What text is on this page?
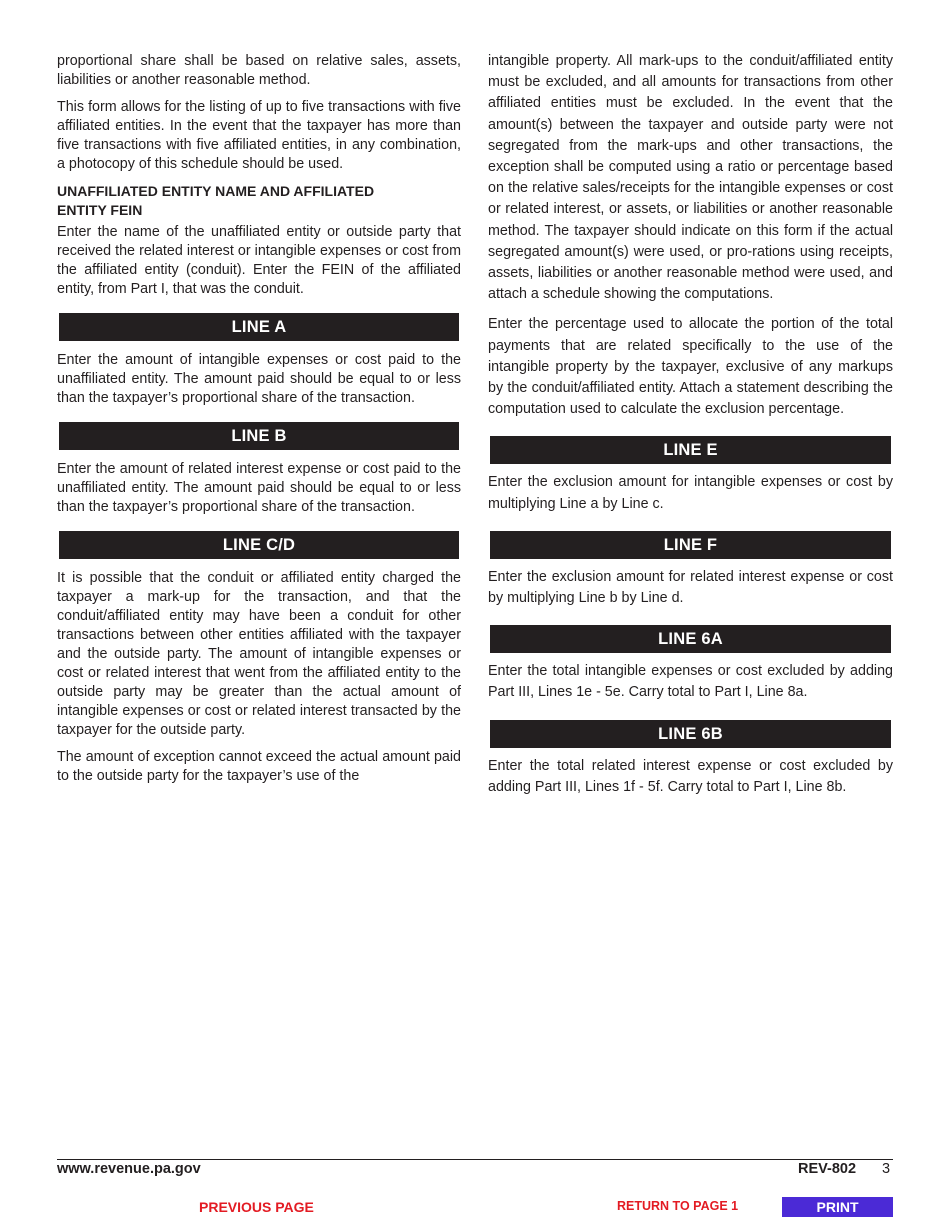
proportional share shall be based on relative sales, assets, liabilities or another reasonable method.

This form allows for the listing of up to five transactions with five affiliated entities. In the event that the taxpayer has more than five transactions with five affiliated entities, in any combination, a photocopy of this schedule should be used.

UNAFFILIATED ENTITY NAME AND AFFILIATED ENTITY FEIN

Enter the name of the unaffiliated entity or outside party that received the related interest or intangible expenses or cost from the affiliated entity (conduit). Enter the FEIN of the affiliated entity, from Part I, that was the conduit.

LINE A

Enter the amount of intangible expenses or cost paid to the unaffiliated entity. The amount paid should be equal to or less than the taxpayer’s proportional share of the transaction.

LINE B

Enter the amount of related interest expense or cost paid to the unaffiliated entity. The amount paid should be equal to or less than the taxpayer’s proportional share of the transaction.

LINE C/D

It is possible that the conduit or affiliated entity charged the taxpayer a mark-up for the transaction, and that the conduit/affiliated entity may have been a conduit for other transactions between other entities affiliated with the taxpayer and the outside party. The amount of intangible expenses or cost or related interest that went from the affiliated entity to the outside party may be greater than the actual amount of intangible expenses or cost or related interest transacted by the taxpayer for the outside party.

The amount of exception cannot exceed the actual amount paid to the outside party for the taxpayer’s use of the

intangible property. All mark-ups to the conduit/affiliated entity must be excluded, and all amounts for transactions from other affiliated entities must be excluded. In the event that the amount(s) between the taxpayer and outside party were not segregated from the mark-ups and other transactions, the exception shall be computed using a ratio or percentage based on the relative sales/receipts for the intangible expenses or cost or related interest, or assets, or liabilities or another reasonable method. The taxpayer should indicate on this form if the actual segregated amount(s) were used, or pro-rations using receipts, assets, liabilities or another reasonable method were used, and attach a schedule showing the computations.

Enter the percentage used to allocate the portion of the total payments that are related specifically to the use of the intangible property by the taxpayer, exclusive of any markups by the conduit/affiliated entity. Attach a statement describing the computation used to calculate the exclusion percentage.

LINE E

Enter the exclusion amount for intangible expenses or cost by multiplying Line a by Line c.

LINE F

Enter the exclusion amount for related interest expense or cost by multiplying Line b by Line d.

LINE 6A

Enter the total intangible expenses or cost excluded by adding Part III, Lines 1e - 5e. Carry total to Part I, Line 8a.

LINE 6B

Enter the total related interest expense or cost excluded by adding Part III, Lines 1f - 5f. Carry total to Part I, Line 8b.

www.revenue.pa.gov	REV-802 3
PREVIOUS PAGE	RETURN TO PAGE 1	PRINT
